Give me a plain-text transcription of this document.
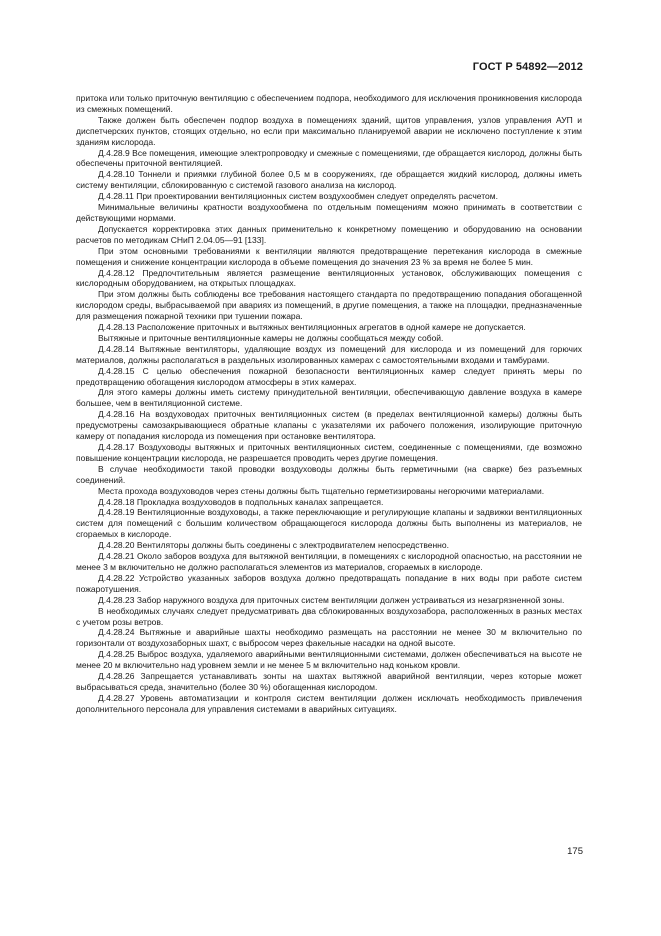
ГОСТ Р 54892—2012

притока или только приточную вентиляцию с обеспечением подпора, необходимого для исключения проникновения кислорода из смежных помещений.

Также должен быть обеспечен подпор воздуха в помещениях зданий, щитов управления, узлов управления АУП и диспетчерских пунктов, стоящих отдельно, но если при максимально планируемой аварии не исключено поступление к этим зданиям кислорода.

Д.4.28.9 Все помещения, имеющие электропроводку и смежные с помещениями, где обращается кислород, должны быть обеспечены приточной вентиляцией.

Д.4.28.10 Тоннели и приямки глубиной более 0,5 м в сооружениях, где обращается жидкий кислород, должны иметь систему вентиляции, сблокированную с системой газового анализа на кислород.

Д.4.28.11 При проектировании вентиляционных систем воздухообмен следует определять расчетом.

Минимальные величины кратности воздухообмена по отдельным помещениям можно принимать в соответствии с действующими нормами.

Допускается корректировка этих данных применительно к конкретному помещению и оборудованию на основании расчетов по методикам СНиП 2.04.05—91 [133].

При этом основными требованиями к вентиляции являются предотвращение перетекания кислорода в смежные помещения и снижение концентрации кислорода в объеме помещения до значения 23 % за время не более 5 мин.

Д.4.28.12 Предпочтительным является размещение вентиляционных установок, обслуживающих помещения с кислородным оборудованием, на открытых площадках.

При этом должны быть соблюдены все требования настоящего стандарта по предотвращению попадания обогащенной кислородом среды, выбрасываемой при авариях из помещений, в другие помещения, а также на площадки, предназначенные для размещения пожарной техники при тушении пожара.

Д.4.28.13 Расположение приточных и вытяжных вентиляционных агрегатов в одной камере не допускается.

Вытяжные и приточные вентиляционные камеры не должны сообщаться между собой.

Д.4.28.14 Вытяжные вентиляторы, удаляющие воздух из помещений для кислорода и из помещений для горючих материалов, должны располагаться в раздельных изолированных камерах с самостоятельными входами и тамбурами.

Д.4.28.15 С целью обеспечения пожарной безопасности вентиляционных камер следует принять меры по предотвращению обогащения кислородом атмосферы в этих камерах.

Для этого камеры должны иметь систему принудительной вентиляции, обеспечивающую давление воздуха в камере большее, чем в вентиляционной системе.

Д.4.28.16 На воздуховодах приточных вентиляционных систем (в пределах вентиляционной камеры) должны быть предусмотрены самозакрывающиеся обратные клапаны с указателями их рабочего положения, изолирующие приточную камеру от попадания кислорода из помещения при остановке вентилятора.

Д.4.28.17 Воздуховоды вытяжных и приточных вентиляционных систем, соединенные с помещениями, где возможно повышение концентрации кислорода, не разрешается проводить через другие помещения.

В случае необходимости такой проводки воздуховоды должны быть герметичными (на сварке) без разъемных соединений.

Места прохода воздуховодов через стены должны быть тщательно герметизированы негорючими материалами.

Д.4.28.18 Прокладка воздуховодов в подпольных каналах запрещается.

Д.4.28.19 Вентиляционные воздуховоды, а также переключающие и регулирующие клапаны и задвижки вентиляционных систем для помещений с большим количеством обращающегося кислорода должны быть выполнены из материалов, не сгораемых в кислороде.

Д.4.28.20 Вентиляторы должны быть соединены с электродвигателем непосредственно.

Д.4.28.21 Около заборов воздуха для вытяжной вентиляции, в помещениях с кислородной опасностью, на расстоянии не менее 3 м включительно не должно располагаться элементов из материалов, сгораемых в кислороде.

Д.4.28.22 Устройство указанных заборов воздуха должно предотвращать попадание в них воды при работе систем пожаротушения.

Д.4.28.23 Забор наружного воздуха для приточных систем вентиляции должен устраиваться из незагрязненной зоны.

В необходимых случаях следует предусматривать два сблокированных воздухозабора, расположенных в разных местах с учетом розы ветров.

Д.4.28.24 Вытяжные и аварийные шахты необходимо размещать на расстоянии не менее 30 м включительно по горизонтали от воздухозаборных шахт, с выбросом через факельные насадки на одной высоте.

Д.4.28.25 Выброс воздуха, удаляемого аварийными вентиляционными системами, должен обеспечиваться на высоте не менее 20 м включительно над уровнем земли и не менее 5 м включительно над коньком кровли.

Д.4.28.26 Запрещается устанавливать зонты на шахтах вытяжной аварийной вентиляции, через которые может выбрасываться среда, значительно (более 30 %) обогащенная кислородом.

Д.4.28.27 Уровень автоматизации и контроля систем вентиляции должен исключать необходимость привлечения дополнительного персонала для управления системами в аварийных ситуациях.

175
